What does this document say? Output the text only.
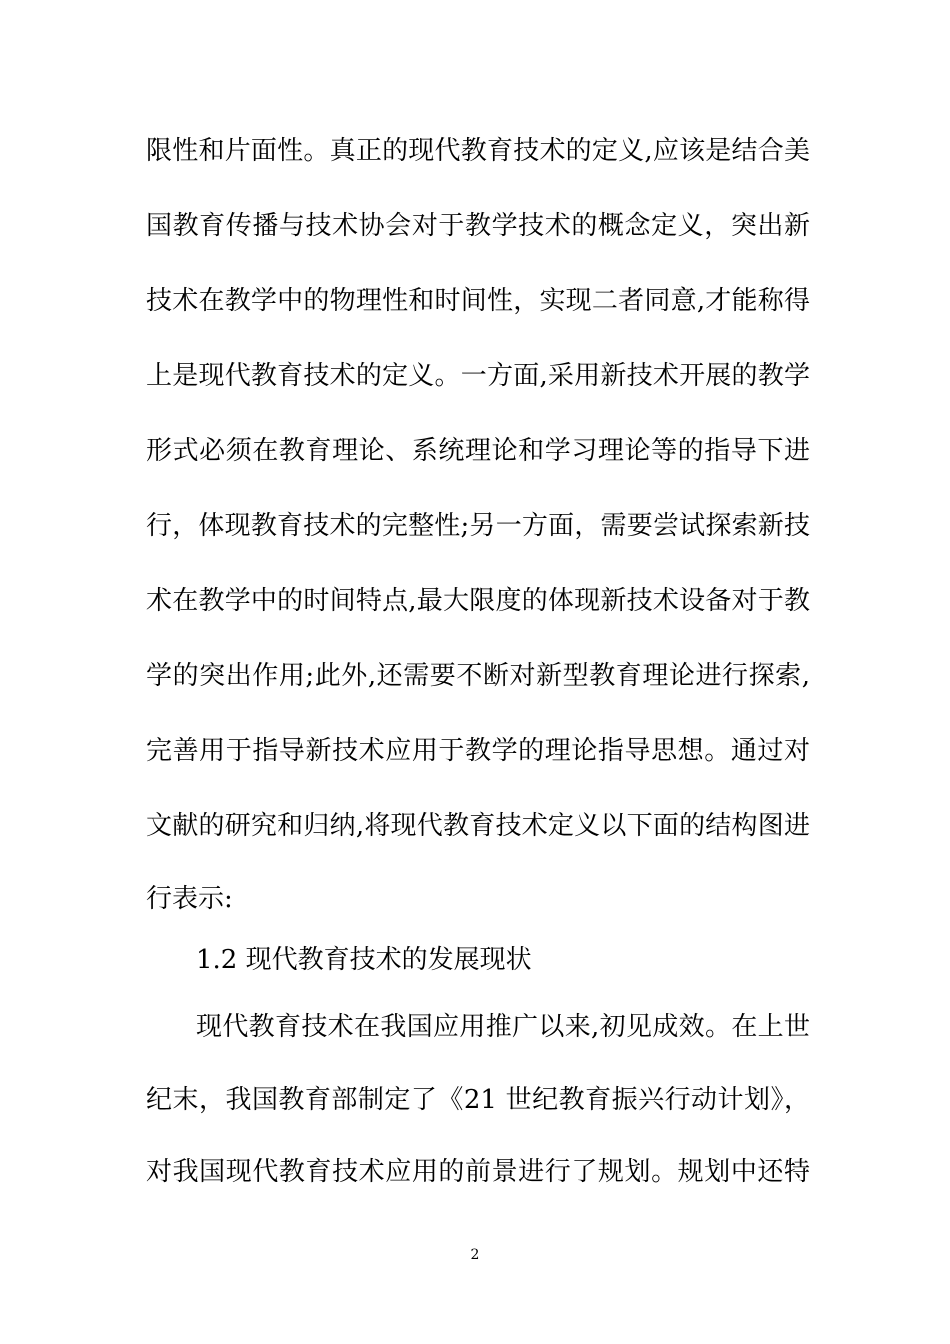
限性和片面性。真正的现代教育技术的定义,应该是结合美
国教育传播与技术协会对于教学技术的概念定义，突出新
技术在教学中的物理性和时间性，实现二者同意,才能称得
上是现代教育技术的定义。一方面,采用新技术开展的教学
形式必须在教育理论、系统理论和学习理论等的指导下进
行，体现教育技术的完整性;另一方面，需要尝试探索新技
术在教学中的时间特点,最大限度的体现新技术设备对于教
学的突出作用;此外,还需要不断对新型教育理论进行探索,
完善用于指导新技术应用于教学的理论指导思想。通过对
文献的研究和归纳,将现代教育技术定义以下面的结构图进
行表示:
1.2 现代教育技术的发展现状
现代教育技术在我国应用推广以来,初见成效。在上世
纪末，我国教育部制定了《21 世纪教育振兴行动计划》，
对我国现代教育技术应用的前景进行了规划。规划中还特
2
